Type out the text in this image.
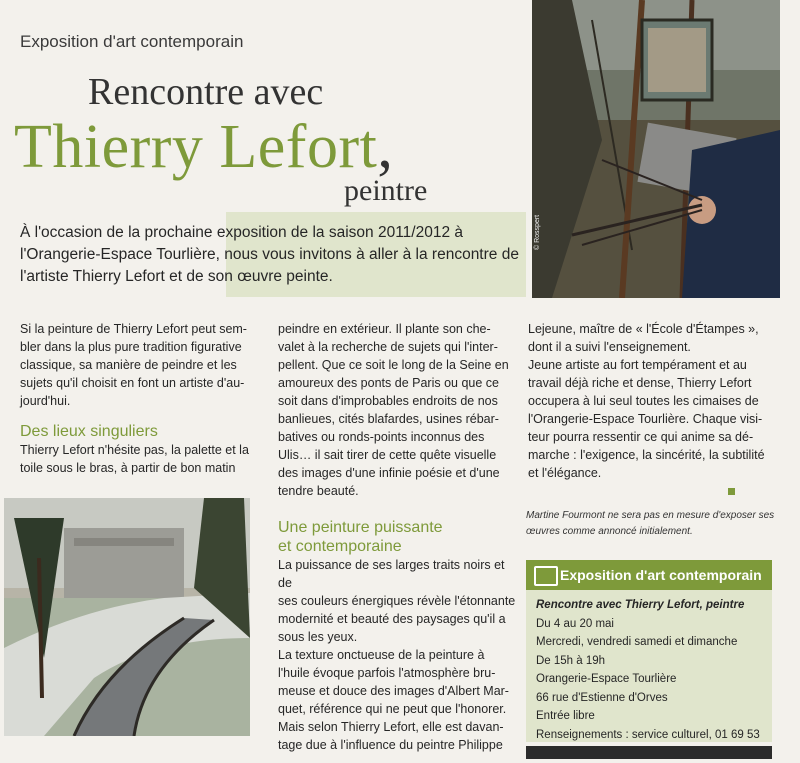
Exposition d'art contemporain
Rencontre avec
Thierry Lefort,
peintre
À l'occasion de la prochaine exposition de la saison 2011/2012 à l'Orangerie-Espace Tourlière, nous vous invitons à aller à la rencontre de l'artiste Thierry Lefort et de son œuvre peinte.
© Rosspert

Si la peinture de Thierry Lefort peut sem-

bler dans la plus pure tradition figurative

classique, sa manière de peindre et les

sujets qu'il choisit en font un artiste d'au-

jourd'hui.

Des lieux singuliers

Thierry Lefort n'hésite pas, la palette et la

toile sous le bras, à partir de bon matin

peindre en extérieur. Il plante son che-

valet à la recherche de sujets qui l'inter-

pellent. Que ce soit le long de la Seine en

amoureux des ponts de Paris ou que ce

soit dans d'improbables endroits de nos

banlieues, cités blafardes, usines rébar-

batives ou ronds-points inconnus des

Ulis… il sait tirer de cette quête visuelle

des images d'une infinie poésie et d'une

tendre beauté.

Une peinture puissante

et contemporaine

La puissance de ses larges traits noirs et de

ses couleurs énergiques révèle l'étonnante

modernité et beauté des paysages qu'il a

sous les yeux.

La texture onctueuse de la peinture à

l'huile évoque parfois l'atmosphère bru-

meuse et douce des images d'Albert Mar-

quet, référence qui ne peut que l'honorer.

Mais selon Thierry Lefort, elle est davan-

tage due à l'influence du peintre Philippe

Lejeune, maître de « l'École d'Étampes »,

dont il a suivi l'enseignement.

Jeune artiste au fort tempérament et au

travail déjà riche et dense, Thierry Lefort

occupera à lui seul toutes les cimaises de

l'Orangerie-Espace Tourlière. Chaque visi-

teur pourra ressentir ce qui anime sa dé-

marche : l'exigence, la sincérité, la subtilité

et l'élégance.

Martine Fourmont ne sera pas en mesure d'exposer ses
œuvres comme annoncé initialement.
Exposition d'art contemporain
Rencontre avec Thierry Lefort, peintre
Du 4 au 20 mai
Mercredi, vendredi samedi et dimanche
De 15h à 19h
Orangerie-Espace Tourlière
66 rue d'Estienne d'Orves
Entrée libre
Renseignements : service culturel, 01 69 53
